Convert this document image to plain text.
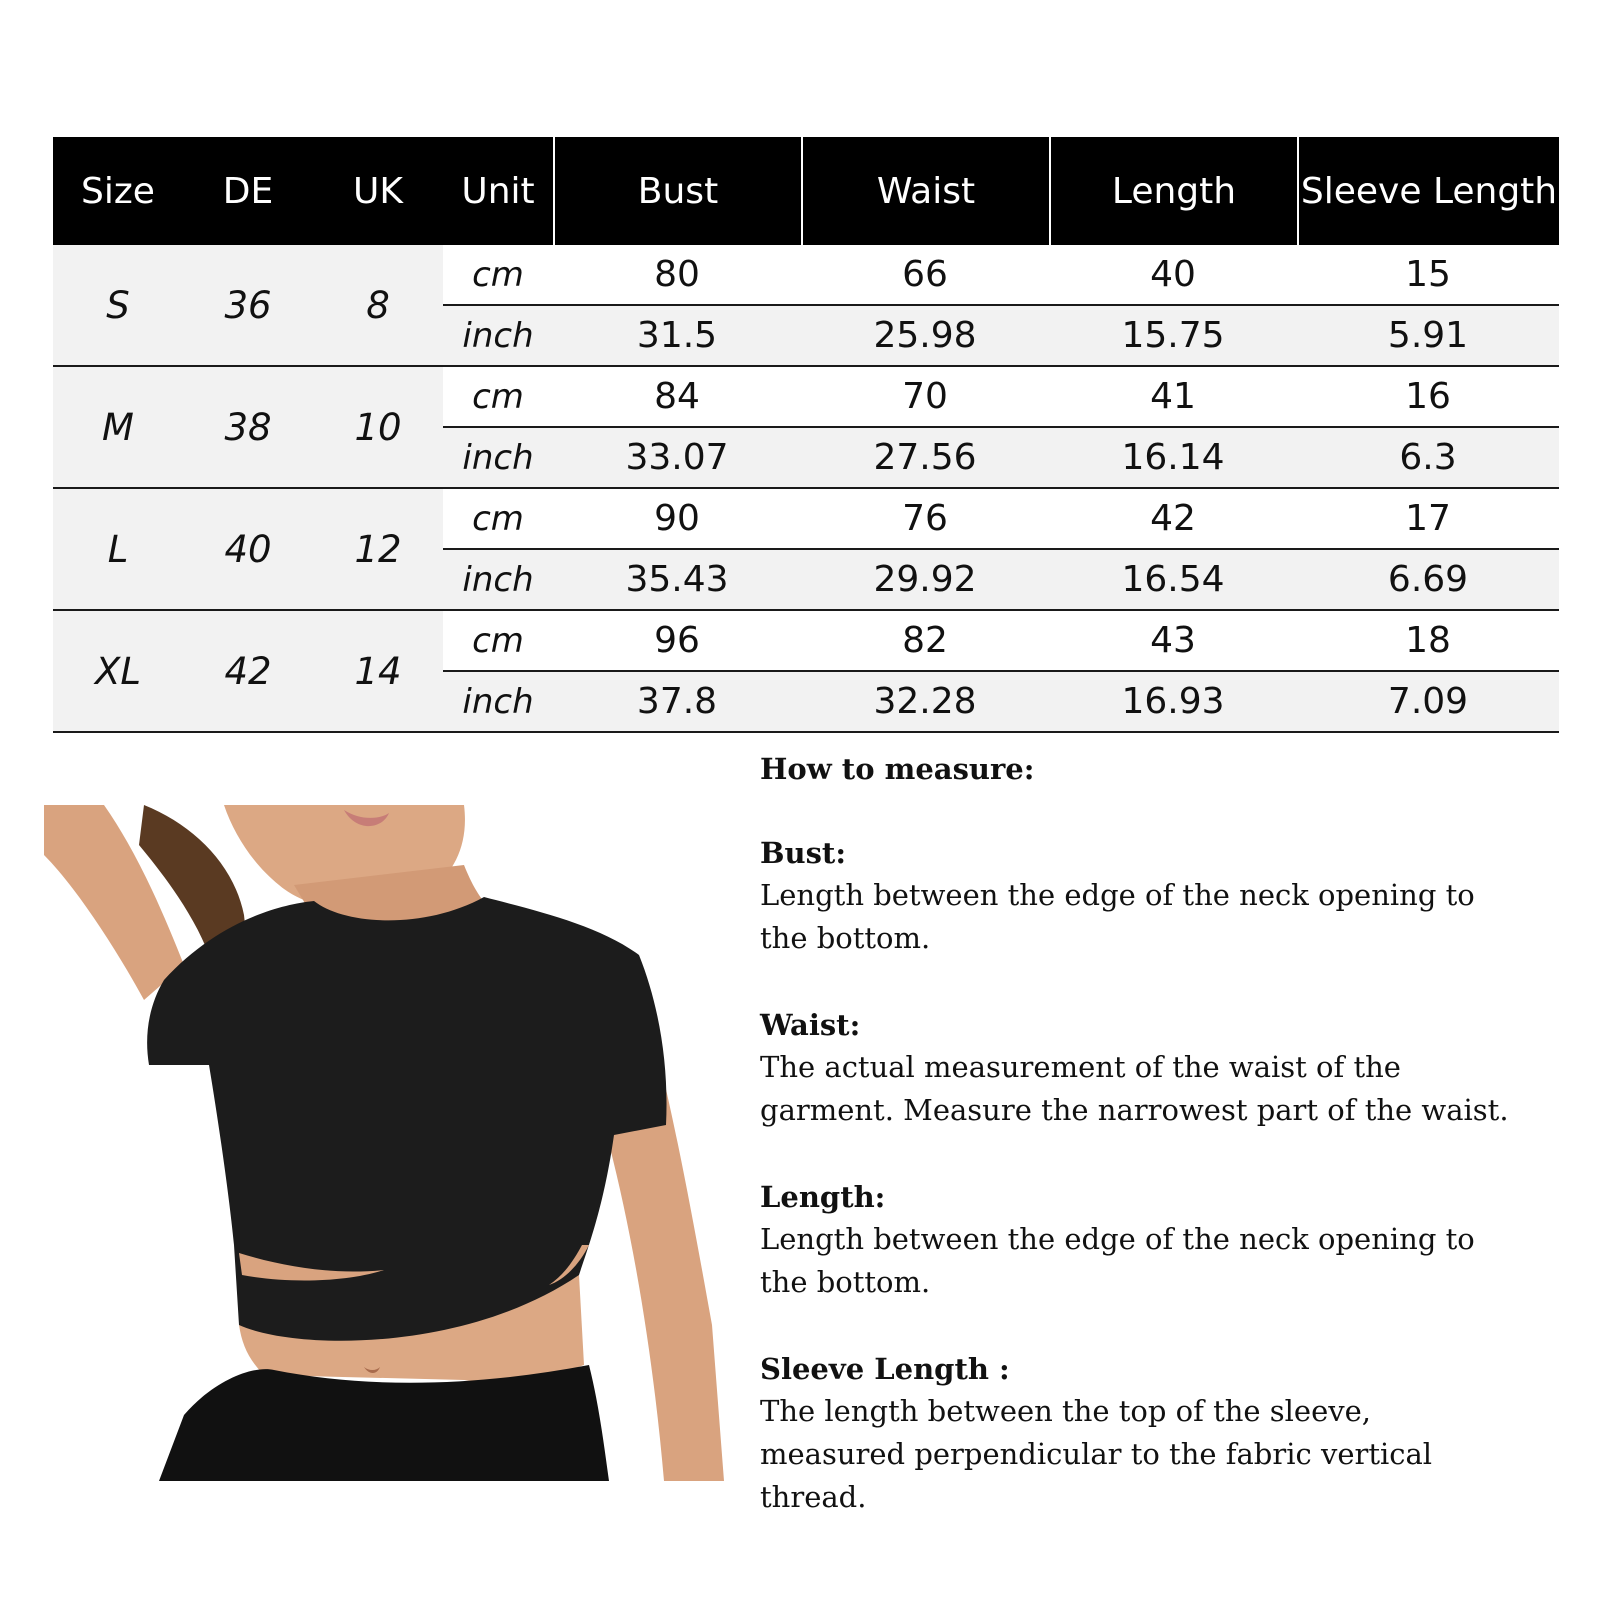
Size	DE	UK	Unit	Bust	Waist	Length	Sleeve Length
S	36	8
cm	80	66	40	15
inch	31.5	25.98	15.75	5.91
M	38	10
cm	84	70	41	16
inch	33.07	27.56	16.14	6.3
L	40	12
cm	90	76	42	17
inch	35.43	29.92	16.54	6.69
XL	42	14
cm	96	82	43	18
inch	37.8	32.28	16.93	7.09
How to measure:
Bust:
Length between the edge of the neck opening to
the bottom.
Waist:
The actual measurement of the waist of the
garment. Measure the narrowest part of the waist.
Length:
Length between the edge of the neck opening to
the bottom.
Sleeve Length :
The length between the top of the sleeve,
measured perpendicular to the fabric vertical
thread.
